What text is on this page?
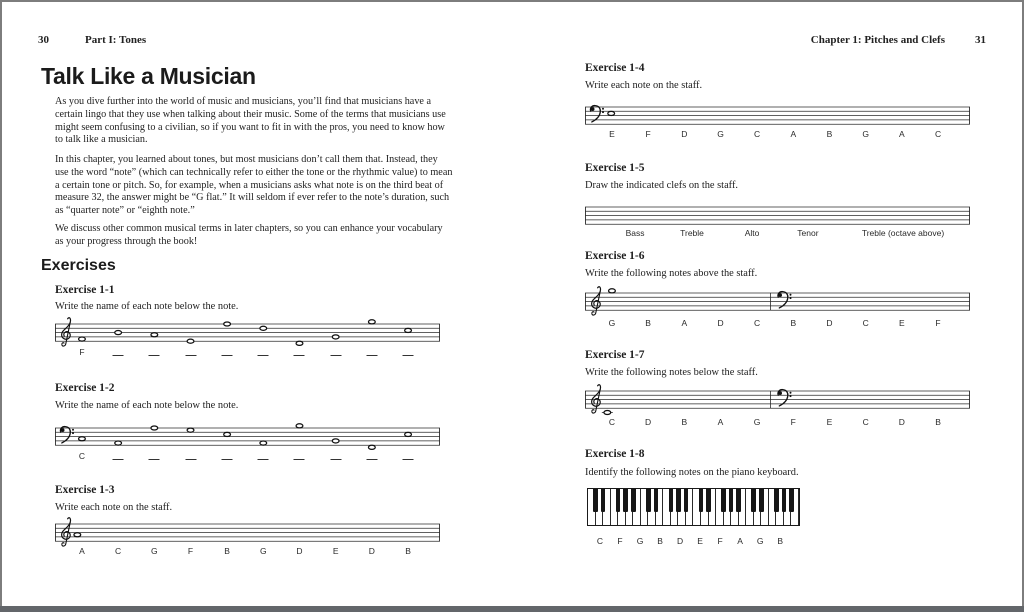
30	Part I: Tones
Talk Like a Musician
As you dive further into the world of music and musicians, you’ll find that musicians have a certain lingo that they use when talking about their music. Some of the terms that musicians use might seem confusing to a civilian, so if you want to fit in with the pros, you need to know how to talk like a musician.
In this chapter, you learned about tones, but most musicians don’t call them that. Instead, they use the word “note” (which can technically refer to either the tone or the rhythmic value) to mean a certain tone or pitch. So, for example, when a musicians asks what note is on the third beat of measure 32, the answer might be “G flat.” It will seldom if ever refer to the note’s duration, such as “quarter note” or “eighth note.”
We discuss other common musical terms in later chapters, so you can enhance your vocabulary as your progress through the book!
Exercises
Exercise 1-1
Write the name of each note below the note.
F
Exercise 1-2
Write the name of each note below the note.
C
Exercise 1-3
Write each note on the staff.
A	C	G	F	B	G	D	E	D	B
Chapter 1: Pitches and Clefs	31
Exercise 1-4
Write each note on the staff.
E	F	D	G	C	A	B	G	A	C
Exercise 1-5
Draw the indicated clefs on the staff.
Bass	Treble	Alto	Tenor	Treble (octave above)
Exercise 1-6
Write the following notes above the staff.
G	B	A	D	C	B	D	C	E	F
Exercise 1-7
Write the following notes below the staff.
C	D	B	A	G	F	E	C	D	B
Exercise 1-8
Identify the following notes on the piano keyboard.
C F G B D E F A G B
